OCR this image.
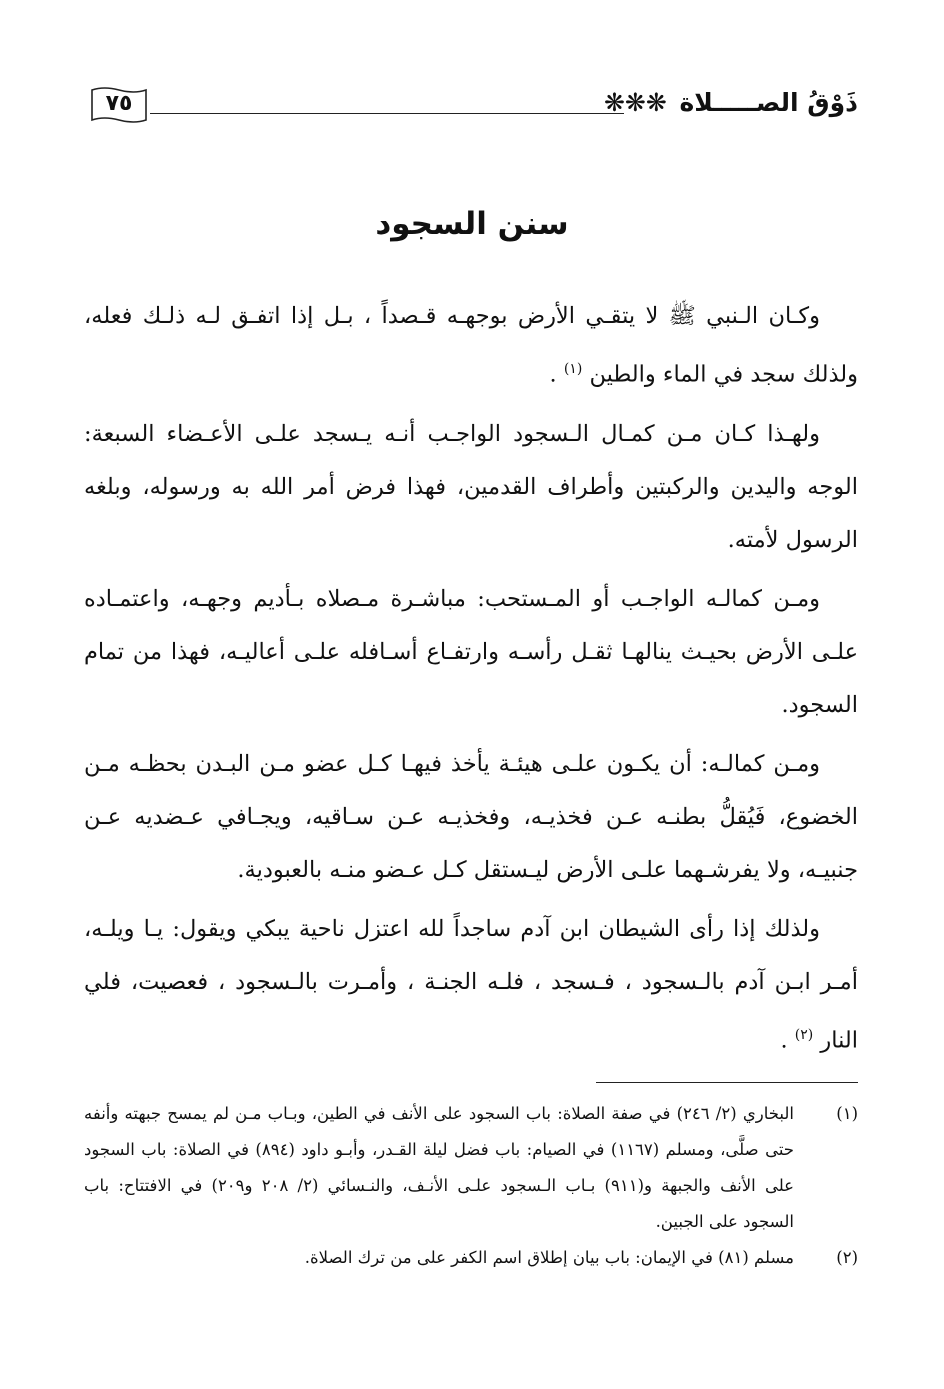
ذَوْقُ الصـــــلاة ❋❋❋
٧٥
سنن السجود

وكـان الـنبي ﷺ لا يتقـي الأرض بوجهـه قـصداً ، بـل إذا اتفـق لـه ذلـك فعله، ولذلك سجد ﻓﻲ الماء والطين $^{(١)}$ .

ولهـذا كـان مـن كمـال الـسجود الواجـب أنـه يـسجد علـى الأعـضاء السبعة: الوجه واليدين والركبتين وأطراف القدمين، فهذا فرض أمر الله به ورسوله، وبلغه الرسول لأمته.

ومـن كمالـه الواجـب أو المـستحب: مباشـرة مـصلاه بـأديم وجهـه، واعتمـاده علـى الأرض بحيـث ينالهـا ثقـل رأسـه وارتفـاع أسـافله علـى أعاليـه، فهذا من تمام السجود.

ومـن كمالـه: أن يكـون علـى هيئـة يأخذ فيهـا كـل عضو مـن البـدن بحظـه مـن الخضوع، فَيُقلُّ بطنـه عـن فخذيـه، وفخذيـه عـن سـاقيه، ويجـافي عـضديه عـن جنبيـه، ولا يفرشـهما علـى الأرض ليـستقل كـل عـضو منـه بالعبودية.

ولذلك إذا رأى الشيطان ابن آدم ساجداً لله اعتزل ناحية يبكي ويقول: يـا ويلـه، أمـر ابـن آدم بالـسجود ، فـسجد ، فلـه الجنـة ، وأمـرت بالـسجود ، فعصيت، فلي النار $^{(٢)}$ .

(١)
البخاري (٢/ ٢٤٦) في صفة الصلاة: باب السجود على الأنف في الطين، وبـاب مـن لم يمسح جبهته وأنفه حتى صلَّى، ومسلم (١١٦٧) في الصيام: باب فضل ليلة القـدر، وأبـو داود (٨٩٤) في الصلاة: باب السجود على الأنف والجبهة و(٩١١) بـاب الـسجود علـى الأنـف، والنـسائي (٢/ ٢٠٨ و٢٠٩) في الافتتاح: باب السجود على الجبين.

(٢)
مسلم (٨١) في الإيمان: باب بيان إطلاق اسم الكفر على من ترك الصلاة.
